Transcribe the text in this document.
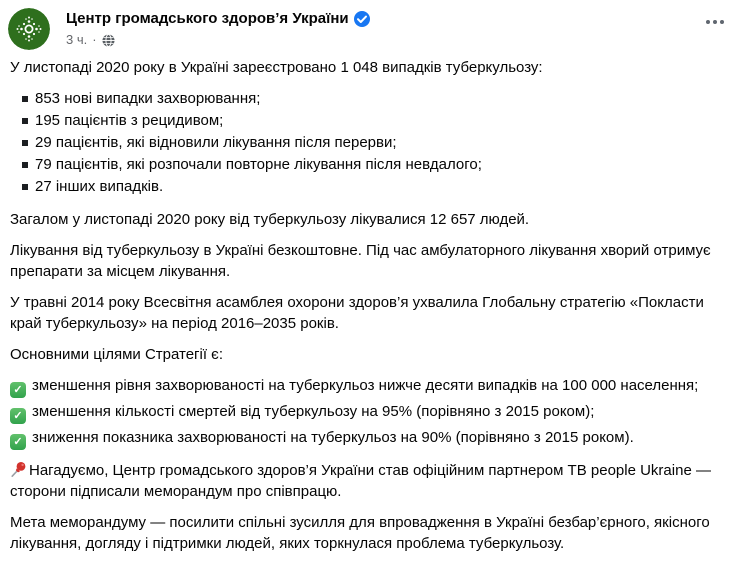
Центр громадського здоров’я України
3 ч. ·

У листопаді 2020 року в Україні зареєстровано 1 048 випадків туберкульозу:

853 нові випадки захворювання;
195 пацієнтів з рецидивом;
29 пацієнтів, які відновили лікування після перерви;
79 пацієнтів, які розпочали повторне лікування після невдалого;
27 інших випадків.

Загалом у листопаді 2020 року від туберкульозу лікувалися 12 657 людей.

Лікування від туберкульозу в Україні безкоштовне. Під час амбулаторного лікування хворий отримує препарати за місцем лікування.

У травні 2014 року Всесвітня асамблея охорони здоров’я ухвалила Глобальну стратегію «Покласти край туберкульозу» на період 2016–2035 років.

Основними цілями Стратегії є:

✓ зменшення рівня захворюваності на туберкульоз нижче десяти випадків на 100 000 населення;
✓ зменшення кількості смертей від туберкульозу на 95% (порівняно з 2015 роком);
✓ зниження показника захворюваності на туберкульоз на 90% (порівняно з 2015 роком).

Нагадуємо, Центр громадського здоров’я України став офіційним партнером TB people Ukraine — сторони підписали меморандум про співпрацю.

Мета меморандуму — посилити спільні зусилля для впровадження в Україні безбар’єрного, якісного лікування, догляду і підтримки людей, яких торкнулася проблема туберкульозу.
